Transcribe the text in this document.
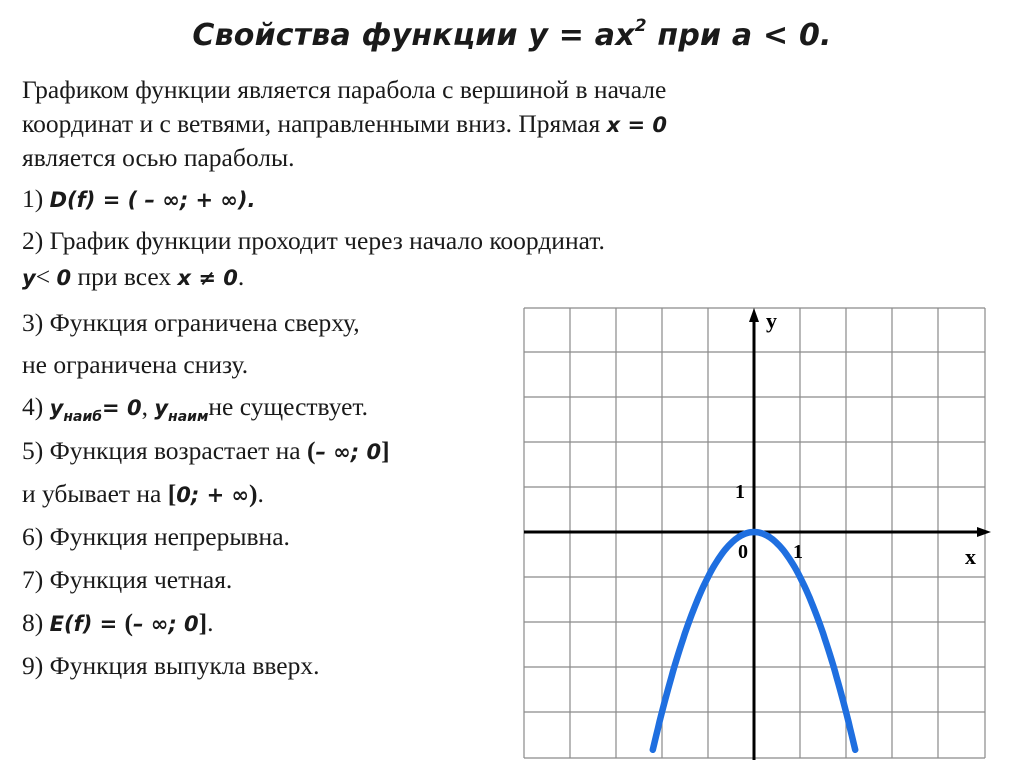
Свойства функции $у = ах^2$ при а < 0.
Графиком функции является парабола с вершиной в начале
координат и с ветвями, направленными вниз. Прямая x = 0
является осью параболы.
1) D(f) = ( – ∞; + ∞).
2) График функции проходит через начало координат.
y< 0 при всех x ≠ 0.
3) Функция ограничена сверху,
не ограничена снизу.
4) $y_{наиб}= 0$, $y_{наим}не$ существует.
5) Функция возрастает на (– ∞; 0]
и убывает на [0; + ∞).
6) Функция непрерывна.
7) Функция четная.
8) E(f) = (– ∞; 0].
9) Функция выпукла вверх.
y
x
0 1
1
